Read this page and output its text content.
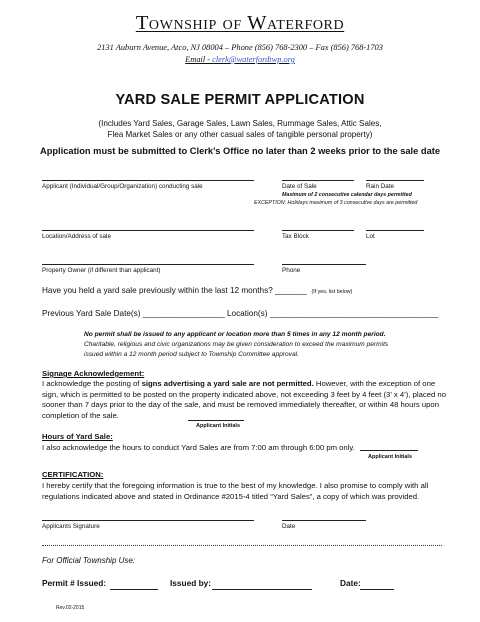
Township of Waterford
2131 Auburn Avenue, Atco, NJ 08004 – Phone (856) 768-2300 – Fax (856) 768-1703
Email - clerk@waterfordtwp.org
YARD SALE PERMIT APPLICATION
(Includes Yard Sales, Garage Sales, Lawn Sales, Rummage Sales, Attic Sales,
Flea Market Sales or any other casual sales of tangible personal property)
Application must be submitted to Clerk’s Office no later than 2 weeks prior to the sale date
Applicant (Individual/Group/Organization) conducting sale	Date of Sale	Rain Date
Maximum of 2 consecutive calendar days permitted
EXCEPTION: Holidays maximum of 3 consecutive days are permitted
Location/Address of sale	Tax Block	Lot
Property Owner (if different than applicant)	Phone
Have you held a yard sale previously within the last 12 months? _______ (If yes, list below)
Previous Yard Sale Date(s) __________________ Location(s) _____________________________________
No permit shall be issued to any applicant or location more than 5 times in any 12 month period.
Charitable, religious and civic organizations may be given consideration to exceed the maximum permits
issued within a 12 month period subject to Township Committee approval.
Signage Acknowledgement:
I acknowledge the posting of signs advertising a yard sale are not permitted. However, with the exception of one sign, which is permitted to be posted on the property indicated above, not exceeding 3 feet by 4 feet (3’ x 4’), placed no sooner than 7 days prior to the day of the sale, and must be removed immediately thereafter, or within 48 hours upon completion of the sale.
Applicant Initials
Hours of Yard Sale:
I also acknowledge the hours to conduct Yard Sales are from 7:00 am through 6:00 pm only.
Applicant Initials
CERTIFICATION:
I hereby certify that the foregoing information is true to the best of my knowledge. I also promise to comply with all regulations indicated above and stated in Ordinance #2015-4 titled “Yard Sales”, a copy of which was provided.
Applicants Signature	Date
For Official Township Use:
Permit # Issued:	Issued by:	Date:
Rev.02-2015
